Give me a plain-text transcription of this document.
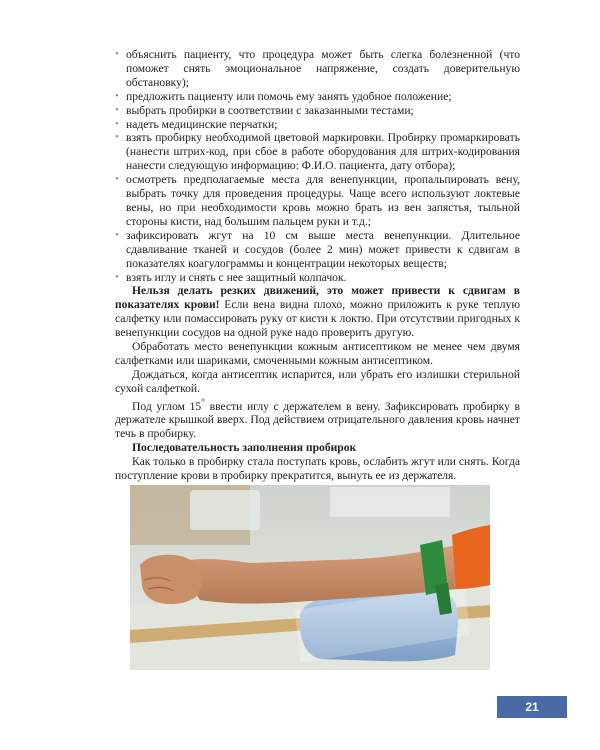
• объяснить пациенту, что процедура может быть слегка болезненной (что поможет снять эмоциональное напряжение, создать доверительную обстановку);
• предложить пациенту или помочь ему занять удобное положение;
• выбрать пробирки в соответствии с заказанными тестами;
• надеть медицинские перчатки;
• взять пробирку необходимой цветовой маркировки. Пробирку промаркировать (нанести штрих-код, при сбое в работе оборудования для штрих-кодирования нанести следующую информацию: Ф.И.О. пациента, дату отбора);
• осмотреть предполагаемые места для венепункции, пропальпировать вену, выбрать точку для проведения процедуры. Чаще всего используют локтевые вены, но при необходимости кровь можно брать из вен запястья, тыльной стороны кисти, над большим пальцем руки и т.д.;
• зафиксировать жгут на 10 см выше места венепункции. Длительное сдавливание тканей и сосудов (более 2 мин) может привести к сдвигам в показателях коагулограммы и концентрации некоторых веществ;
• взять иглу и снять с нее защитный колпачок.

Нельзя делать резких движений, это может привести к сдвигам в показателях крови! Если вена видна плохо, можно приложить к руке теплую салфетку или помассировать руку от кисти к локтю. При отсутствии пригодных к венепункции сосудов на одной руке надо проверить другую.

Обработать место венепункции кожным антисептиком не менее чем двумя салфетками или шариками, смоченными кожным антисептиком.

Дождаться, когда антисептик испарится, или убрать его излишки стерильной сухой салфеткой.

Под углом 15° ввести иглу с держателем в вену. Зафиксировать пробирку в держателе крышкой вверх. Под действием отрицательного давления кровь начнет течь в пробирку.

Последовательность заполнения пробирок

Как только в пробирку стала поступать кровь, ослабить жгут или снять. Когда поступление крови в пробирку прекратится, вынуть ее из держателя.

21
